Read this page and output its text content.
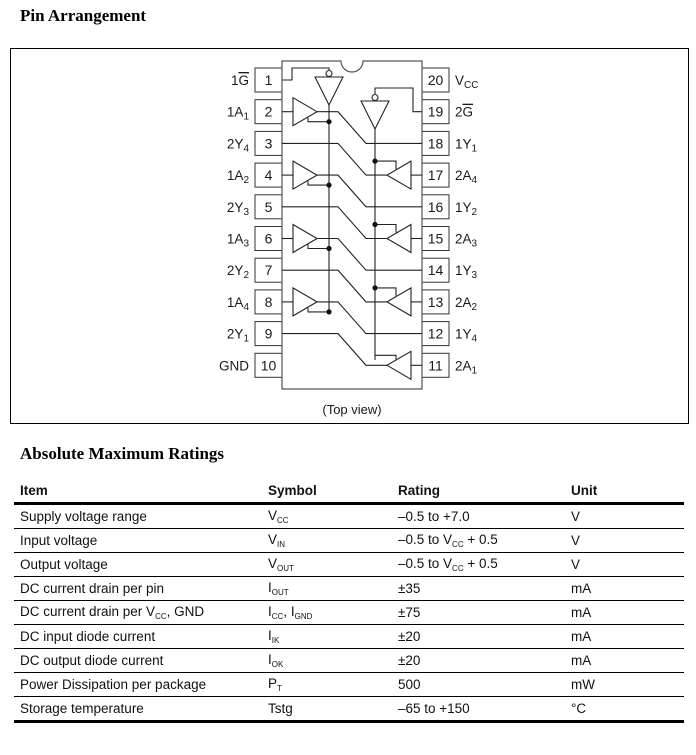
Pin Arrangement
1
1G
2
$1A_1$
3
$2Y_4$
4
$1A_2$
5
$2Y_3$
6
$1A_3$
7
$2Y_2$
8
$1A_4$
9
$2Y_1$
10
GND
20 $V_{CC}$
19 2G
18 $1Y_1$
17 $2A_4$
16 $1Y_2$
15 $2A_3$
14 $1Y_3$
13 $2A_2$
12 $1Y_4$
11 $2A_1$
(Top view)
Absolute Maximum Ratings
Item	Symbol	Rating	Unit
Supply voltage range	$V_{CC}$	–0.5 to +7.0	V
Input voltage	$V_{IN}$	–0.5 to $V_{CC} + 0.5$	V
Output voltage	$V_{OUT}$	–0.5 to $V_{CC} + 0.5$	V
DC current drain per pin	$I_{OUT}$	±35	mA
DC current drain per $V_{CC}$, GND	$I_{CC}$, $I_{GND}$	±75	mA
DC input diode current	$I_{IK}$	±20	mA
DC output diode current	$I_{OK}$	±20	mA
Power Dissipation per package	$P_T$	500	mW
Storage temperature	Tstg	–65 to +150	°C
